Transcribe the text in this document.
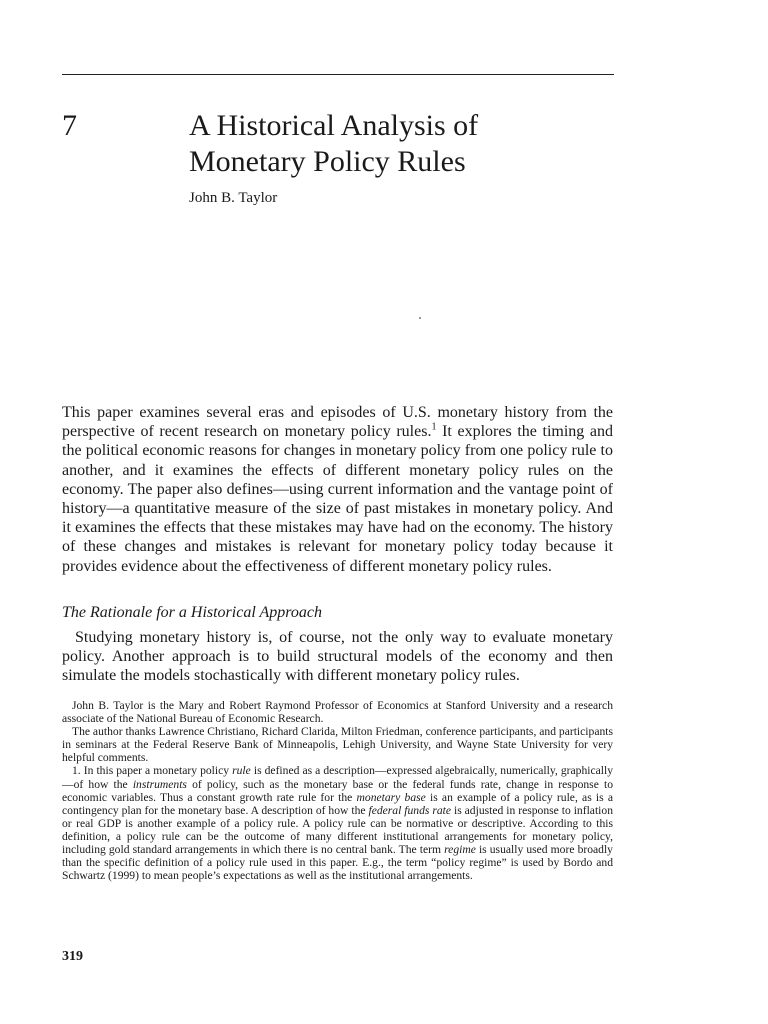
7	A Historical Analysis of
Monetary Policy Rules
John B. Taylor

This paper examines several eras and episodes of U.S. monetary history from the perspective of recent research on monetary policy rules.$^1$ It explores the timing and the political economic reasons for changes in monetary policy from one policy rule to another, and it examines the effects of different monetary policy rules on the economy. The paper also defines—using current information and the vantage point of history—a quantitative measure of the size of past mistakes in monetary policy. And it examines the effects that these mistakes may have had on the economy. The history of these changes and mistakes is relevant for monetary policy today because it provides evidence about the effectiveness of different monetary policy rules.

The Rationale for a Historical Approach

Studying monetary history is, of course, not the only way to evaluate monetary policy. Another approach is to build structural models of the economy and then simulate the models stochastically with different monetary policy rules.

John B. Taylor is the Mary and Robert Raymond Professor of Economics at Stanford University and a research associate of the National Bureau of Economic Research.

The author thanks Lawrence Christiano, Richard Clarida, Milton Friedman, conference participants, and participants in seminars at the Federal Reserve Bank of Minneapolis, Lehigh University, and Wayne State University for very helpful comments.

1. In this paper a monetary policy rule is defined as a description—expressed algebraically, numerically, graphically—of how the instruments of policy, such as the monetary base or the federal funds rate, change in response to economic variables. Thus a constant growth rate rule for the monetary base is an example of a policy rule, as is a contingency plan for the monetary base. A description of how the federal funds rate is adjusted in response to inflation or real GDP is another example of a policy rule. A policy rule can be normative or descriptive. According to this definition, a policy rule can be the outcome of many different institutional arrangements for monetary policy, including gold standard arrangements in which there is no central bank. The term regime is usually used more broadly than the specific definition of a policy rule used in this paper. E.g., the term “policy regime” is used by Bordo and Schwartz (1999) to mean people’s expectations as well as the institutional arrangements.

319
